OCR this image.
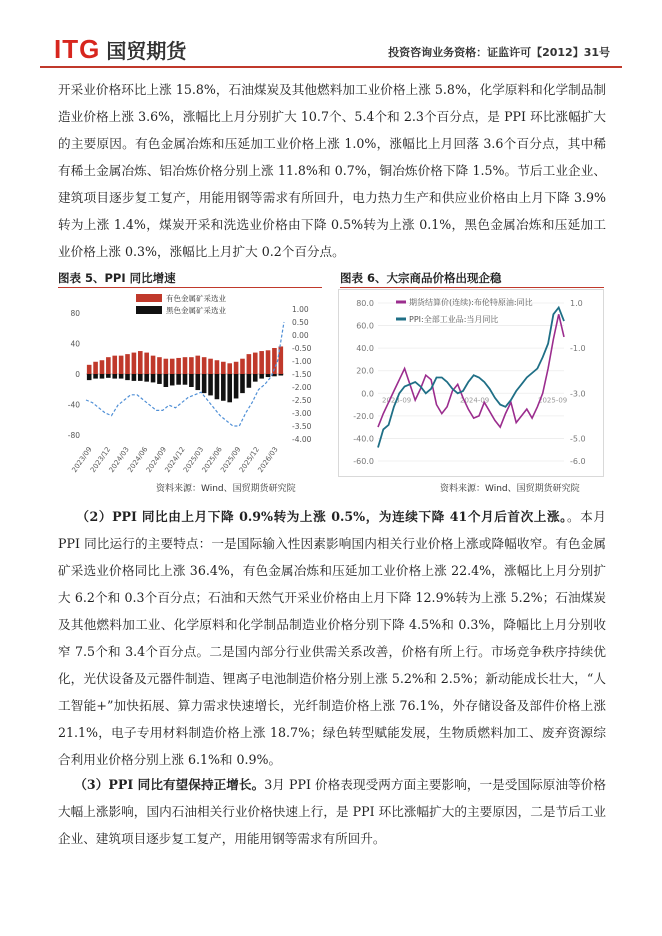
ITG 国贸期货	投资咨询业务资格：证监许可【2012】31号

开采业价格环比上涨 15.8%，石油煤炭及其他燃料加工业价格上涨 5.8%，化学原料和化学制品制造业价格上涨 3.6%，涨幅比上月分别扩大 10.7个、5.4个和 2.3个百分点，是 PPI 环比涨幅扩大的主要原因。有色金属冶炼和压延加工业价格上涨 1.0%，涨幅比上月回落 3.6个百分点，其中稀有稀土金属冶炼、铝冶炼价格分别上涨 11.8%和 0.7%，铜冶炼价格下降 1.5%。节后工业企业、建筑项目逐步复工复产，用能用钢等需求有所回升，电力热力生产和供应业价格由上月下降 3.9%转为上涨 1.4%，煤炭开采和洗选业价格由下降 0.5%转为上涨 0.1%，黑色金属冶炼和压延加工业价格上涨 0.3%，涨幅比上月扩大 0.2个百分点。

图表 5、PPI 同比增速
有色金属矿采选业
黑色金属矿采选业
80
40
0
-40
-80
1.00
0.50
0.00
-0.50
-1.00
-1.50
-2.00
-2.50
-3.00
-3.50
-4.00
2023/09
2023/12
2024/03
2024/06
2024/09
2024/12
2025/03
2025/06
2025/09
2025/12
2026/03
图表 6、大宗商品价格出现企稳
80.0
60.0
40.0
20.0
0.0
-20.0
-40.0
-60.0
1.0
-1.0
-3.0
-5.0
-6.0
2023-09	2024-09	2025-09
期货结算价(连续):布伦特原油:同比
PPI:全部工业品:当月同比
资料来源：Wind、国贸期货研究院	资料来源：Wind、国贸期货研究院

（2）PPI 同比由上月下降 0.9%转为上涨 0.5%，为连续下降 41个月后首次上涨。。本月 PPI 同比运行的主要特点：一是国际输入性因素影响国内相关行业价格上涨或降幅收窄。有色金属矿采选业价格同比上涨 36.4%，有色金属冶炼和压延加工业价格上涨 22.4%，涨幅比上月分别扩大 6.2个和 0.3个百分点；石油和天然气开采业价格由上月下降 12.9%转为上涨 5.2%；石油煤炭及其他燃料加工业、化学原料和化学制品制造业价格分别下降 4.5%和 0.3%，降幅比上月分别收窄 7.5个和 3.4个百分点。二是国内部分行业供需关系改善，价格有所上行。市场竞争秩序持续优化，光伏设备及元器件制造、锂离子电池制造价格分别上涨 5.2%和 2.5%；新动能成长壮大，“人工智能+”加快拓展、算力需求快速增长，光纤制造价格上涨 76.1%，外存储设备及部件价格上涨 21.1%，电子专用材料制造价格上涨 18.7%；绿色转型赋能发展，生物质燃料加工、废弃资源综合利用业价格分别上涨 6.1%和 0.9%。

（3）PPI 同比有望保持正增长。3月 PPI 价格表现受两方面主要影响，一是受国际原油等价格大幅上涨影响，国内石油相关行业价格快速上行，是 PPI 环比涨幅扩大的主要原因，二是节后工业企业、建筑项目逐步复工复产，用能用钢等需求有所回升。
